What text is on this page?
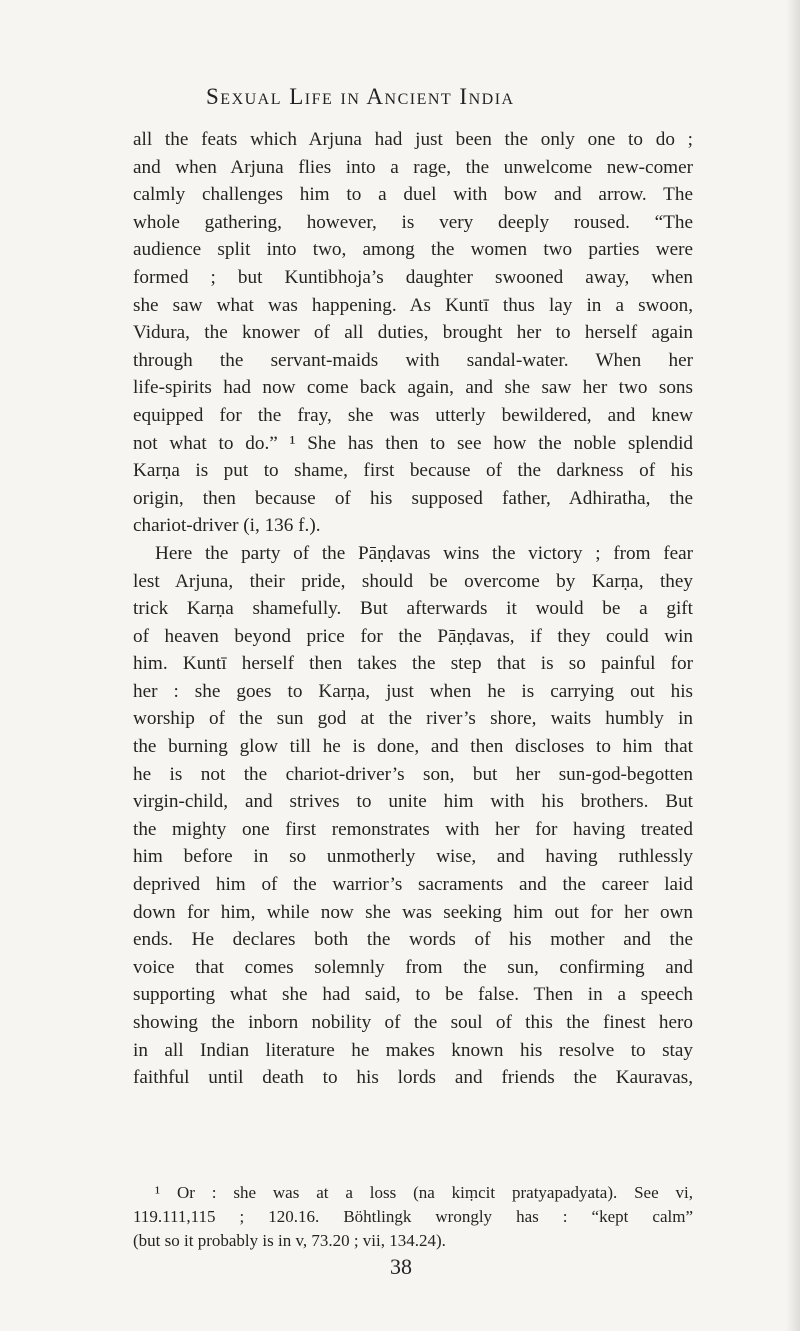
Sexual Life in Ancient India
all the feats which Arjuna had just been the only one to do ;
and when Arjuna flies into a rage, the unwelcome new-comer
calmly challenges him to a duel with bow and arrow. The
whole gathering, however, is very deeply roused. “The
audience split into two, among the women two parties were
formed ; but Kuntibhoja’s daughter swooned away, when
she saw what was happening. As Kuntī thus lay in a swoon,
Vidura, the knower of all duties, brought her to herself again
through the servant-maids with sandal-water. When her
life-spirits had now come back again, and she saw her two sons
equipped for the fray, she was utterly bewildered, and knew
not what to do.” ¹ She has then to see how the noble splendid
Karṇa is put to shame, first because of the darkness of his
origin, then because of his supposed father, Adhiratha, the
chariot-driver (i, 136 f.).
Here the party of the Pāṇḍavas wins the victory ; from fear
lest Arjuna, their pride, should be overcome by Karṇa, they
trick Karṇa shamefully. But afterwards it would be a gift
of heaven beyond price for the Pāṇḍavas, if they could win
him. Kuntī herself then takes the step that is so painful for
her : she goes to Karṇa, just when he is carrying out his
worship of the sun god at the river’s shore, waits humbly in
the burning glow till he is done, and then discloses to him that
he is not the chariot-driver’s son, but her sun-god-begotten
virgin-child, and strives to unite him with his brothers. But
the mighty one first remonstrates with her for having treated
him before in so unmotherly wise, and having ruthlessly
deprived him of the warrior’s sacraments and the career laid
down for him, while now she was seeking him out for her own
ends. He declares both the words of his mother and the
voice that comes solemnly from the sun, confirming and
supporting what she had said, to be false. Then in a speech
showing the inborn nobility of the soul of this the finest hero
in all Indian literature he makes known his resolve to stay
faithful until death to his lords and friends the Kauravas,
¹ Or : she was at a loss (na kiṃcit pratyapadyata). See vi,
119.111,115 ; 120.16. Böhtlingk wrongly has : “kept calm”
(but so it probably is in v, 73.20 ; vii, 134.24).
38
